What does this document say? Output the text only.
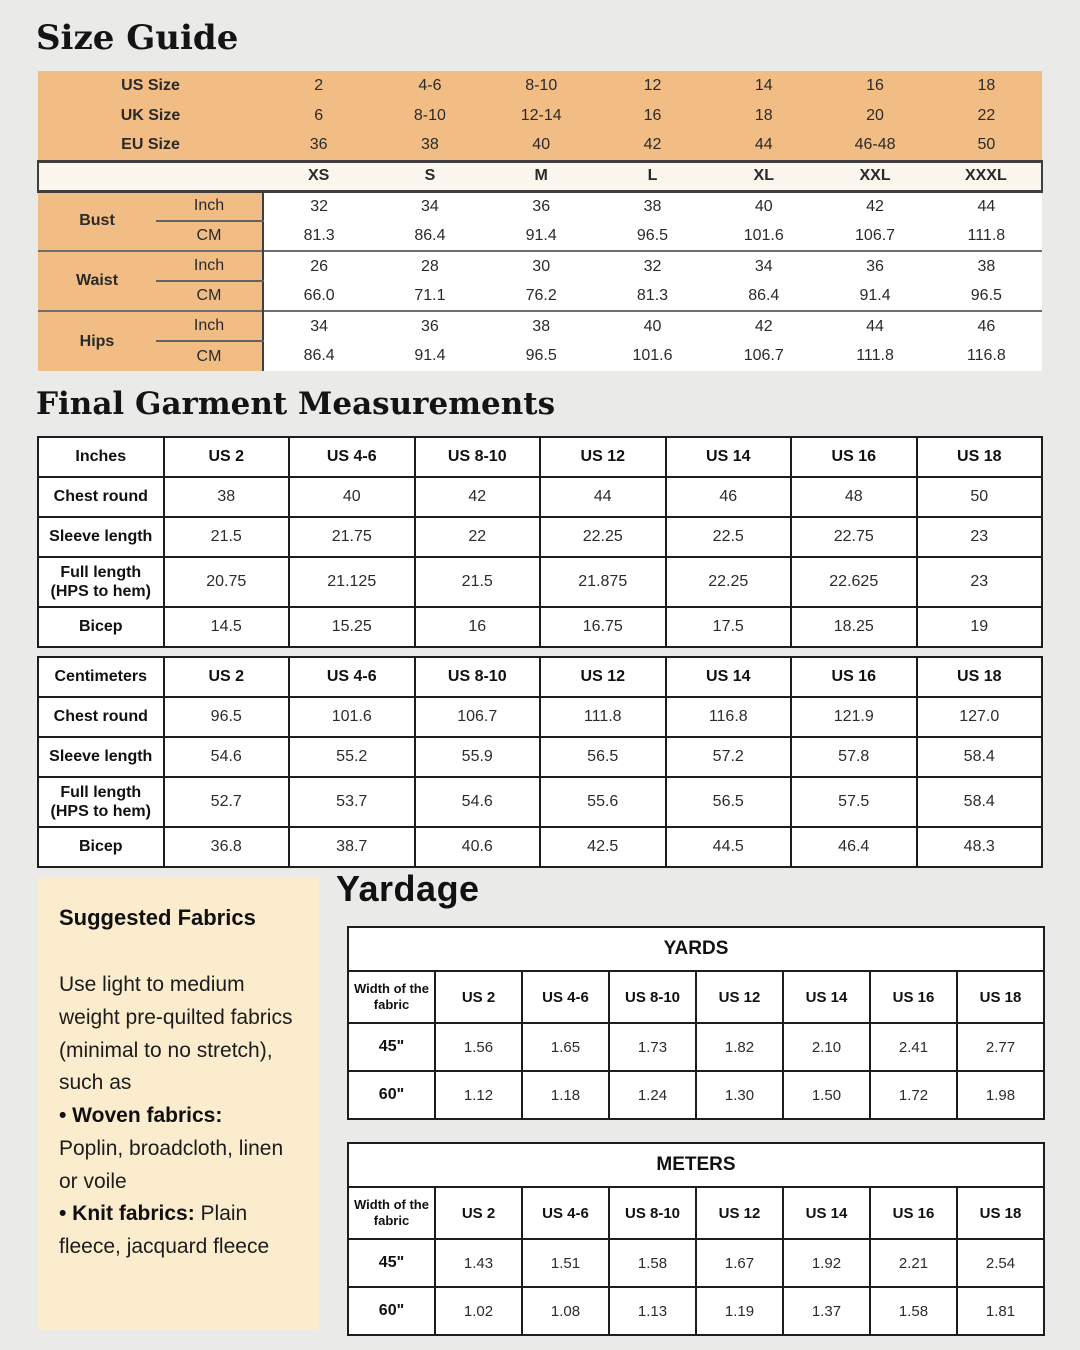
Size Guide
US Size		2	4-6	8-10	12	14	16	18
UK Size		6	8-10	12-14	16	18	20	22
EU Size		36	38	40	42	44	46-48	50
		XS	S	M	L	XL	XXL	XXXL
Bust	Inch	32	34	36	38	40	42	44
	CM	81.3	86.4	91.4	96.5	101.6	106.7	111.8
Waist	Inch	26	28	30	32	34	36	38
	CM	66.0	71.1	76.2	81.3	86.4	91.4	96.5
Hips	Inch	34	36	38	40	42	44	46
	CM	86.4	91.4	96.5	101.6	106.7	111.8	116.8
Final Garment Measurements
Inches	US 2	US 4-6	US 8-10	US 12	US 14	US 16	US 18
Chest round	38	40	42	44	46	48	50
Sleeve length	21.5	21.75	22	22.25	22.5	22.75	23
Full length (HPS to hem)	20.75	21.125	21.5	21.875	22.25	22.625	23
Bicep	14.5	15.25	16	16.75	17.5	18.25	19
Centimeters	US 2	US 4-6	US 8-10	US 12	US 14	US 16	US 18
Chest round	96.5	101.6	106.7	111.8	116.8	121.9	127.0
Sleeve length	54.6	55.2	55.9	56.5	57.2	57.8	58.4
Full length (HPS to hem)	52.7	53.7	54.6	55.6	56.5	57.5	58.4
Bicep	36.8	38.7	40.6	42.5	44.5	46.4	48.3
Suggested Fabrics
Use light to medium weight pre-quilted fabrics (minimal to no stretch), such as
• Woven fabrics:
Poplin, broadcloth, linen or voile
• Knit fabrics: Plain fleece, jacquard fleece
Yardage
YARDS							
Width of the fabric	US 2	US 4-6	US 8-10	US 12	US 14	US 16	US 18
45"	1.56	1.65	1.73	1.82	2.10	2.41	2.77
60"	1.12	1.18	1.24	1.30	1.50	1.72	1.98
METERS							
Width of the fabric	US 2	US 4-6	US 8-10	US 12	US 14	US 16	US 18
45"	1.43	1.51	1.58	1.67	1.92	2.21	2.54
60"	1.02	1.08	1.13	1.19	1.37	1.58	1.81
